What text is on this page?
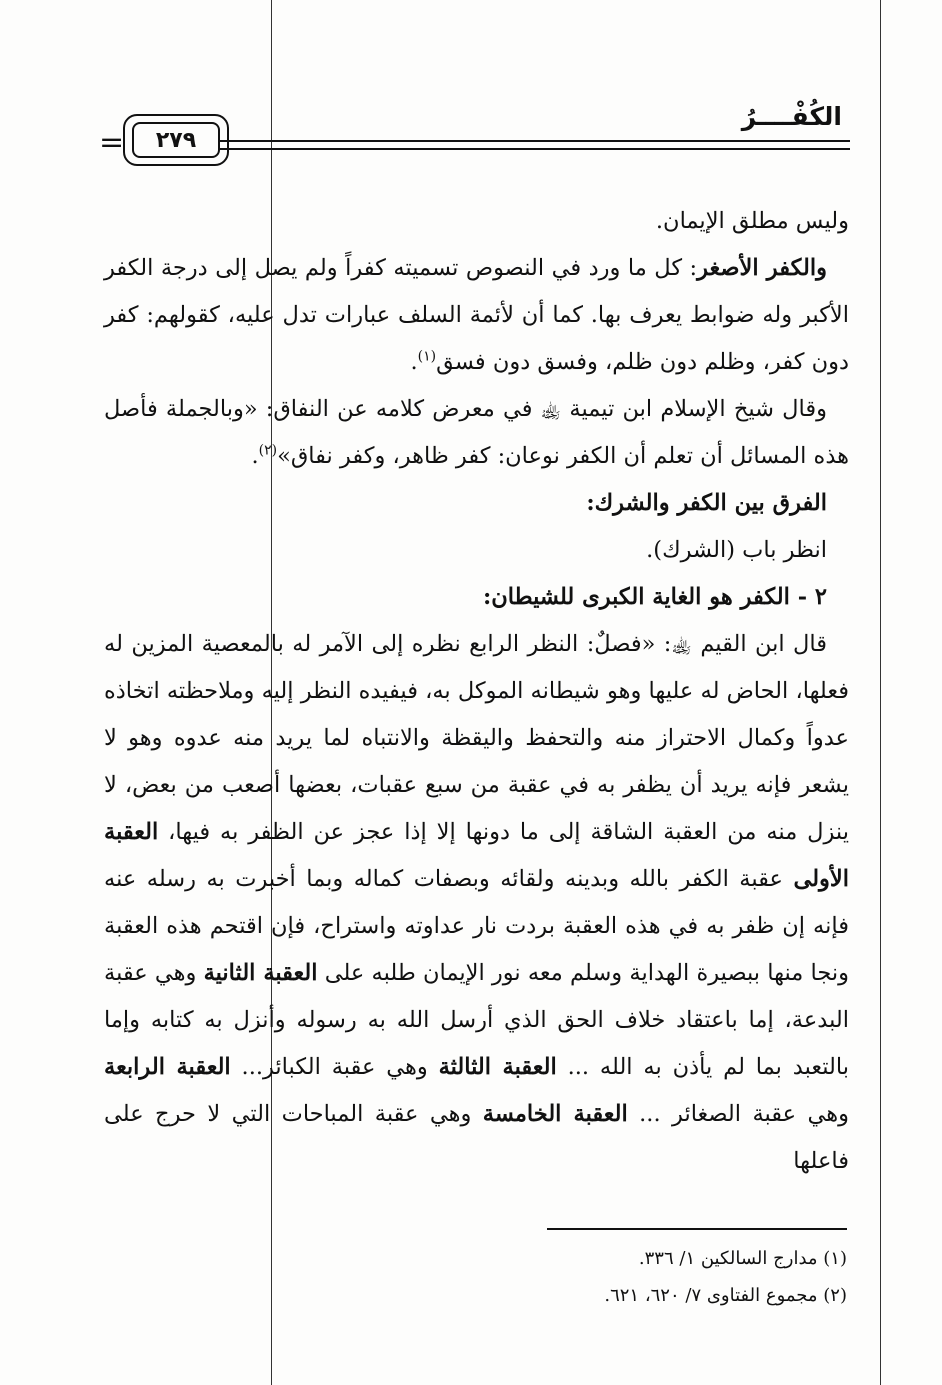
الكُفْــــرُ
=	٢٧٩

وليس مطلق الإيمان.

والكفر الأصغر: كل ما ورد في النصوص تسميته كفراً ولم يصل إلى درجة الكفر الأكبر وله ضوابط يعرف بها. كما أن لأئمة السلف عبارات تدل عليه، كقولهم: كفر دون كفر، وظلم دون ظلم، وفسق دون فسق$^{(١)}$.

وقال شيخ الإسلام ابن تيمية ﵀ في معرض كلامه عن النفاق: «وبالجملة فأصل هذه المسائل أن تعلم أن الكفر نوعان: كفر ظاهر، وكفر نفاق»$^{(٢)}$.

الفرق بين الكفر والشرك:

انظر باب (الشرك).

٢ - الكفر هو الغاية الكبرى للشيطان:

قال ابن القيم ﵀: «فصلٌ: النظر الرابع نظره إلى الآمر له بالمعصية المزين له فعلها، الحاض له عليها وهو شيطانه الموكل به، فيفيده النظر إليه وملاحظته اتخاذه عدواً وكمال الاحتراز منه والتحفظ واليقظة والانتباه لما يريد منه عدوه وهو لا يشعر فإنه يريد أن يظفر به في عقبة من سبع عقبات، بعضها أصعب من بعض، لا ينزل منه من العقبة الشاقة إلى ما دونها إلا إذا عجز عن الظفر به فيها، العقبة الأولى عقبة الكفر بالله وبدينه ولقائه وبصفات كماله وبما أخبرت به رسله عنه فإنه إن ظفر به في هذه العقبة بردت نار عداوته واستراح، فإن اقتحم هذه العقبة ونجا منها ببصيرة الهداية وسلم معه نور الإيمان طلبه على العقبة الثانية وهي عقبة البدعة، إما باعتقاد خلاف الحق الذي أرسل الله به رسوله وأنزل به كتابه وإما بالتعبد بما لم يأذن به الله ... العقبة الثالثة وهي عقبة الكبائر... العقبة الرابعة وهي عقبة الصغائر ... العقبة الخامسة وهي عقبة المباحات التي لا حرج على فاعلها

(١) مدارج السالكين ١/ ٣٣٦.

(٢) مجموع الفتاوى ٧/ ٦٢٠، ٦٢١.
